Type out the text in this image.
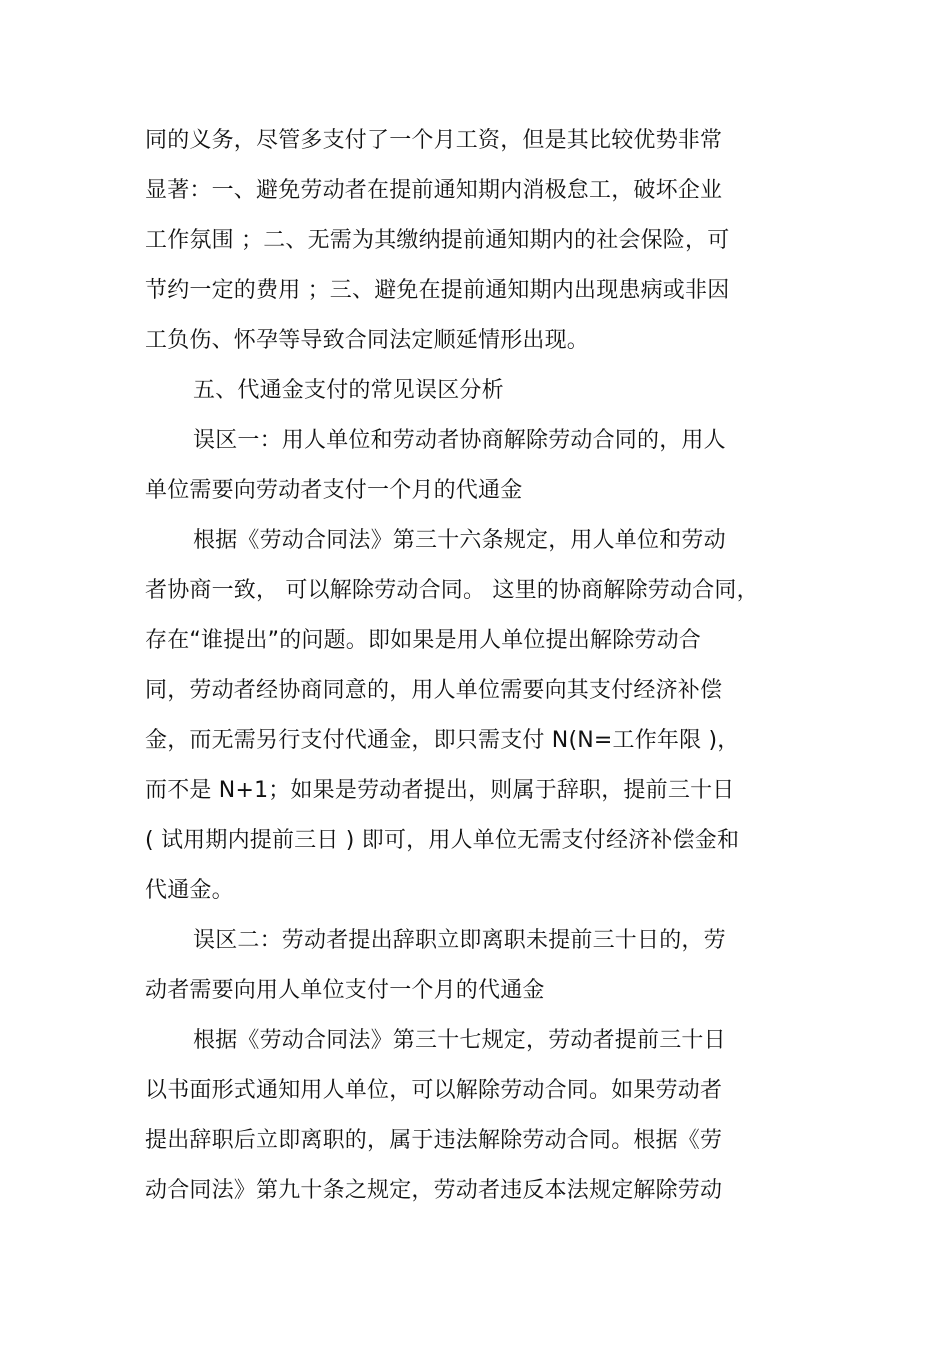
同的义务，尽管多支付了一个月工资，但是其比较优势非常
显著：一、避免劳动者在提前通知期内消极怠工，破坏企业
工作氛围 ；二、无需为其缴纳提前通知期内的社会保险，可
节约一定的费用 ；三、避免在提前通知期内出现患病或非因
工负伤、怀孕等导致合同法定顺延情形出现。
五、代通金支付的常见误区分析
误区一：用人单位和劳动者协商解除劳动合同的，用人
单位需要向劳动者支付一个月的代通金
根据《劳动合同法》第三十六条规定，用人单位和劳动
者协商一致， 可以解除劳动合同。 这里的协商解除劳动合同，
存在“谁提出”的问题。即如果是用人单位提出解除劳动合
同，劳动者经协商同意的，用人单位需要向其支付经济补偿
金，而无需另行支付代通金，即只需支付 N(N=工作年限 )，
而不是 N+1；如果是劳动者提出，则属于辞职，提前三十日
( 试用期内提前三日 ) 即可，用人单位无需支付经济补偿金和
代通金。
误区二：劳动者提出辞职立即离职未提前三十日的，劳
动者需要向用人单位支付一个月的代通金
根据《劳动合同法》第三十七规定，劳动者提前三十日
以书面形式通知用人单位，可以解除劳动合同。如果劳动者
提出辞职后立即离职的，属于违法解除劳动合同。根据《劳
动合同法》第九十条之规定，劳动者违反本法规定解除劳动
